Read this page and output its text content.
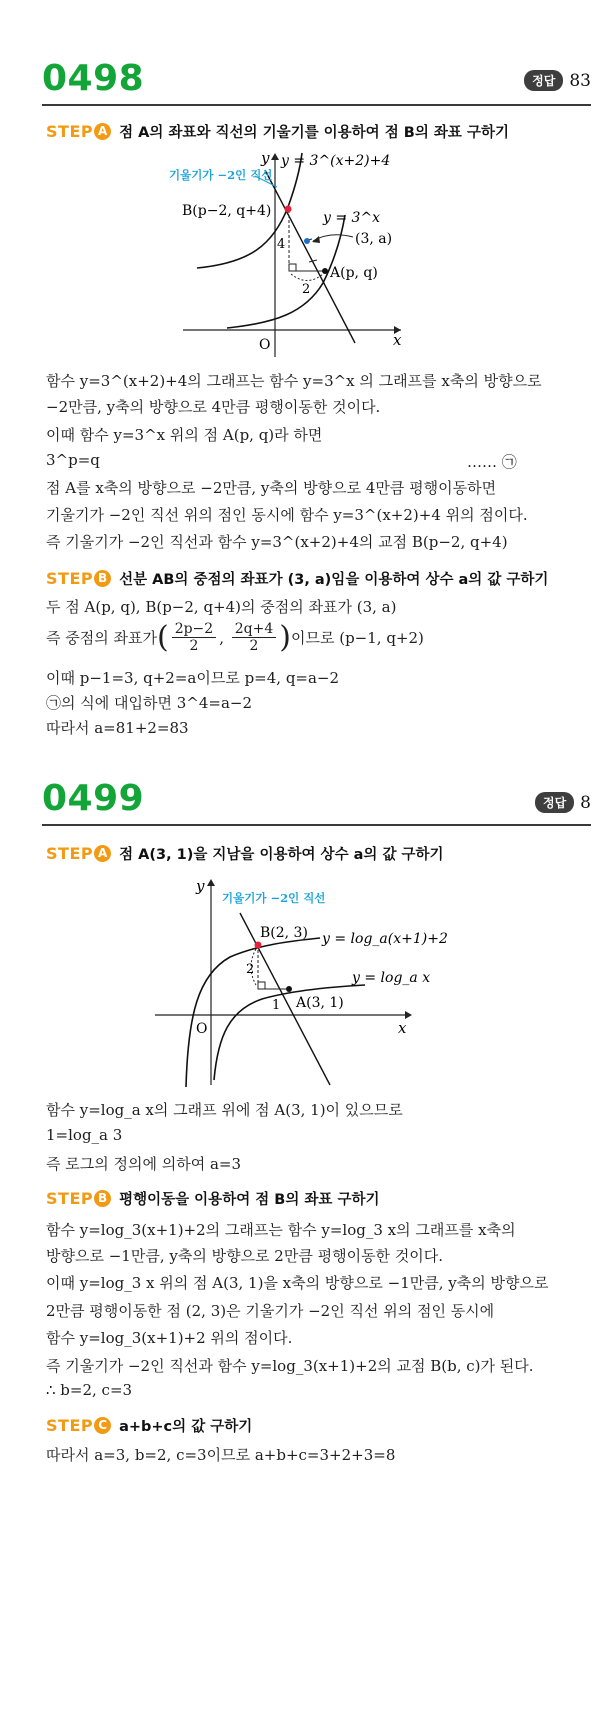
0498	정답 83
STEP A 점 A의 좌표와 직선의 기울기를 이용하여 점 B의 좌표 구하기
x
y
O
4
2
기울기가 −2인 직선
y = 3^(x+2)+4
y = 3^x
B(p−2, q+4)
(3, a)
A(p, q)
함수 y=3^(x+2)+4의 그래프는 함수 y=3^x 의 그래프를 x축의 방향으로
−2만큼, y축의 방향으로 4만큼 평행이동한 것이다.
이때 함수 y=3^x 위의 점 A(p, q)라 하면
3^p=q	…… ㉠
점 A를 x축의 방향으로 −2만큼, y축의 방향으로 4만큼 평행이동하면
기울기가 −2인 직선 위의 점인 동시에 함수 y=3^(x+2)+4 위의 점이다.
즉 기울기가 −2인 직선과 함수 y=3^(x+2)+4의 교점 B(p−2, q+4)
STEP B 선분 AB의 중점의 좌표가 (3, a)임을 이용하여 상수 a의 값 구하기
두 점 A(p, q), B(p−2, q+4)의 중점의 좌표가 (3, a)
즉 중점의 좌표가 ( $\frac{2p-2}{2}$ , $\frac{2q+4}{2}$ ) 이므로 (p−1, q+2)
이때 p−1=3, q+2=a이므로 p=4, q=a−2
㉠의 식에 대입하면 3^4=a−2
따라서 a=81+2=83
0499	정답 8
STEP A 점 A(3, 1)을 지남을 이용하여 상수 a의 값 구하기
x
y
O
2
1
기울기가 −2인 직선
B(2, 3) y = log_a(x+1)+2
y = log_a x
A(3, 1)
함수 y=log_a x의 그래프 위에 점 A(3, 1)이 있으므로
1=log_a 3
즉 로그의 정의에 의하여 a=3
STEP B 평행이동을 이용하여 점 B의 좌표 구하기
함수 y=log_3(x+1)+2의 그래프는 함수 y=log_3 x의 그래프를 x축의
방향으로 −1만큼, y축의 방향으로 2만큼 평행이동한 것이다.
이때 y=log_3 x 위의 점 A(3, 1)을 x축의 방향으로 −1만큼, y축의 방향으로
2만큼 평행이동한 점 (2, 3)은 기울기가 −2인 직선 위의 점인 동시에
함수 y=log_3(x+1)+2 위의 점이다.
즉 기울기가 −2인 직선과 함수 y=log_3(x+1)+2의 교점 B(b, c)가 된다.
∴ b=2, c=3
STEP C a+b+c의 값 구하기
따라서 a=3, b=2, c=3이므로 a+b+c=3+2+3=8
